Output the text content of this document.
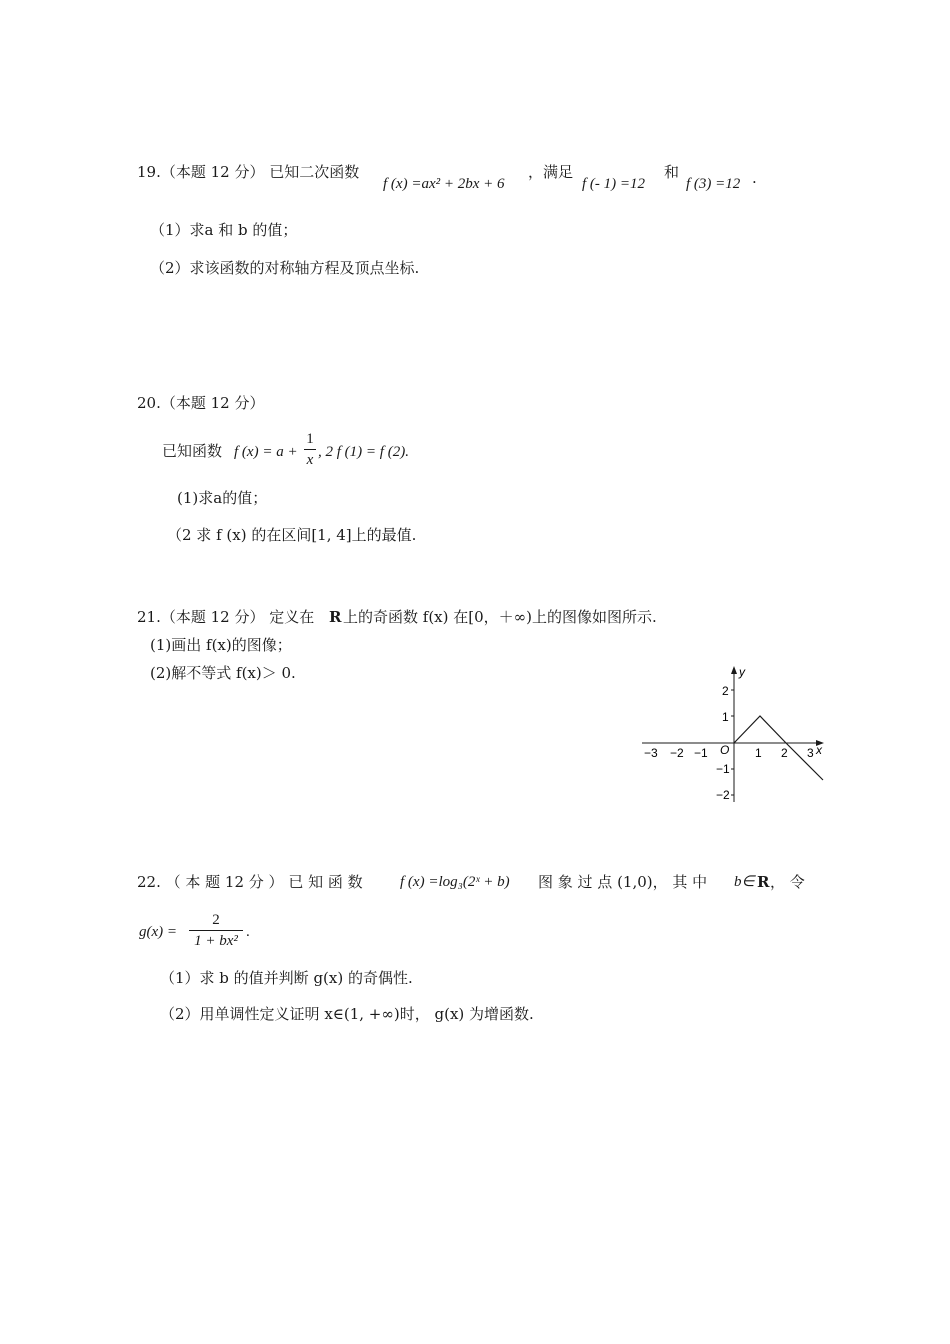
19.（本题 12 分） 已知二次函数
f (x) =ax² + 2bx + 6
，满足
f (- 1) =12
和
f (3) =12 .
（1）求a 和 b 的值；
（2）求该函数的对称轴方程及顶点坐标.
20.（本题 12 分）
已知函数 f (x) = a +
1
x , 2 f (1) = f (2).
(1)求a的值；
（2 求 f (x) 的在区间[1, 4]上的最值.
21.（本题 12 分） 定义在 R 上的奇函数 f(x) 在[0，＋∞)上的图像如图所示.
(1)画出 f(x)的图像；
(2)解不等式 f(x)＞ 0.
x
y
O
−3 −2 −1	1 2 3
2
1
−1
−2
22. （ 本 题 12 分 ） 已 知 函 数 f (x) =log₃(2ˣ + b) 图 象 过 点 (1,0)， 其 中 b∈ R ， 令
g(x) =
2
1 + bx²
.
（1）求 b 的值并判断 g(x) 的奇偶性.
（2）用单调性定义证明 x∈(1, +∞)时， g(x) 为增函数.
